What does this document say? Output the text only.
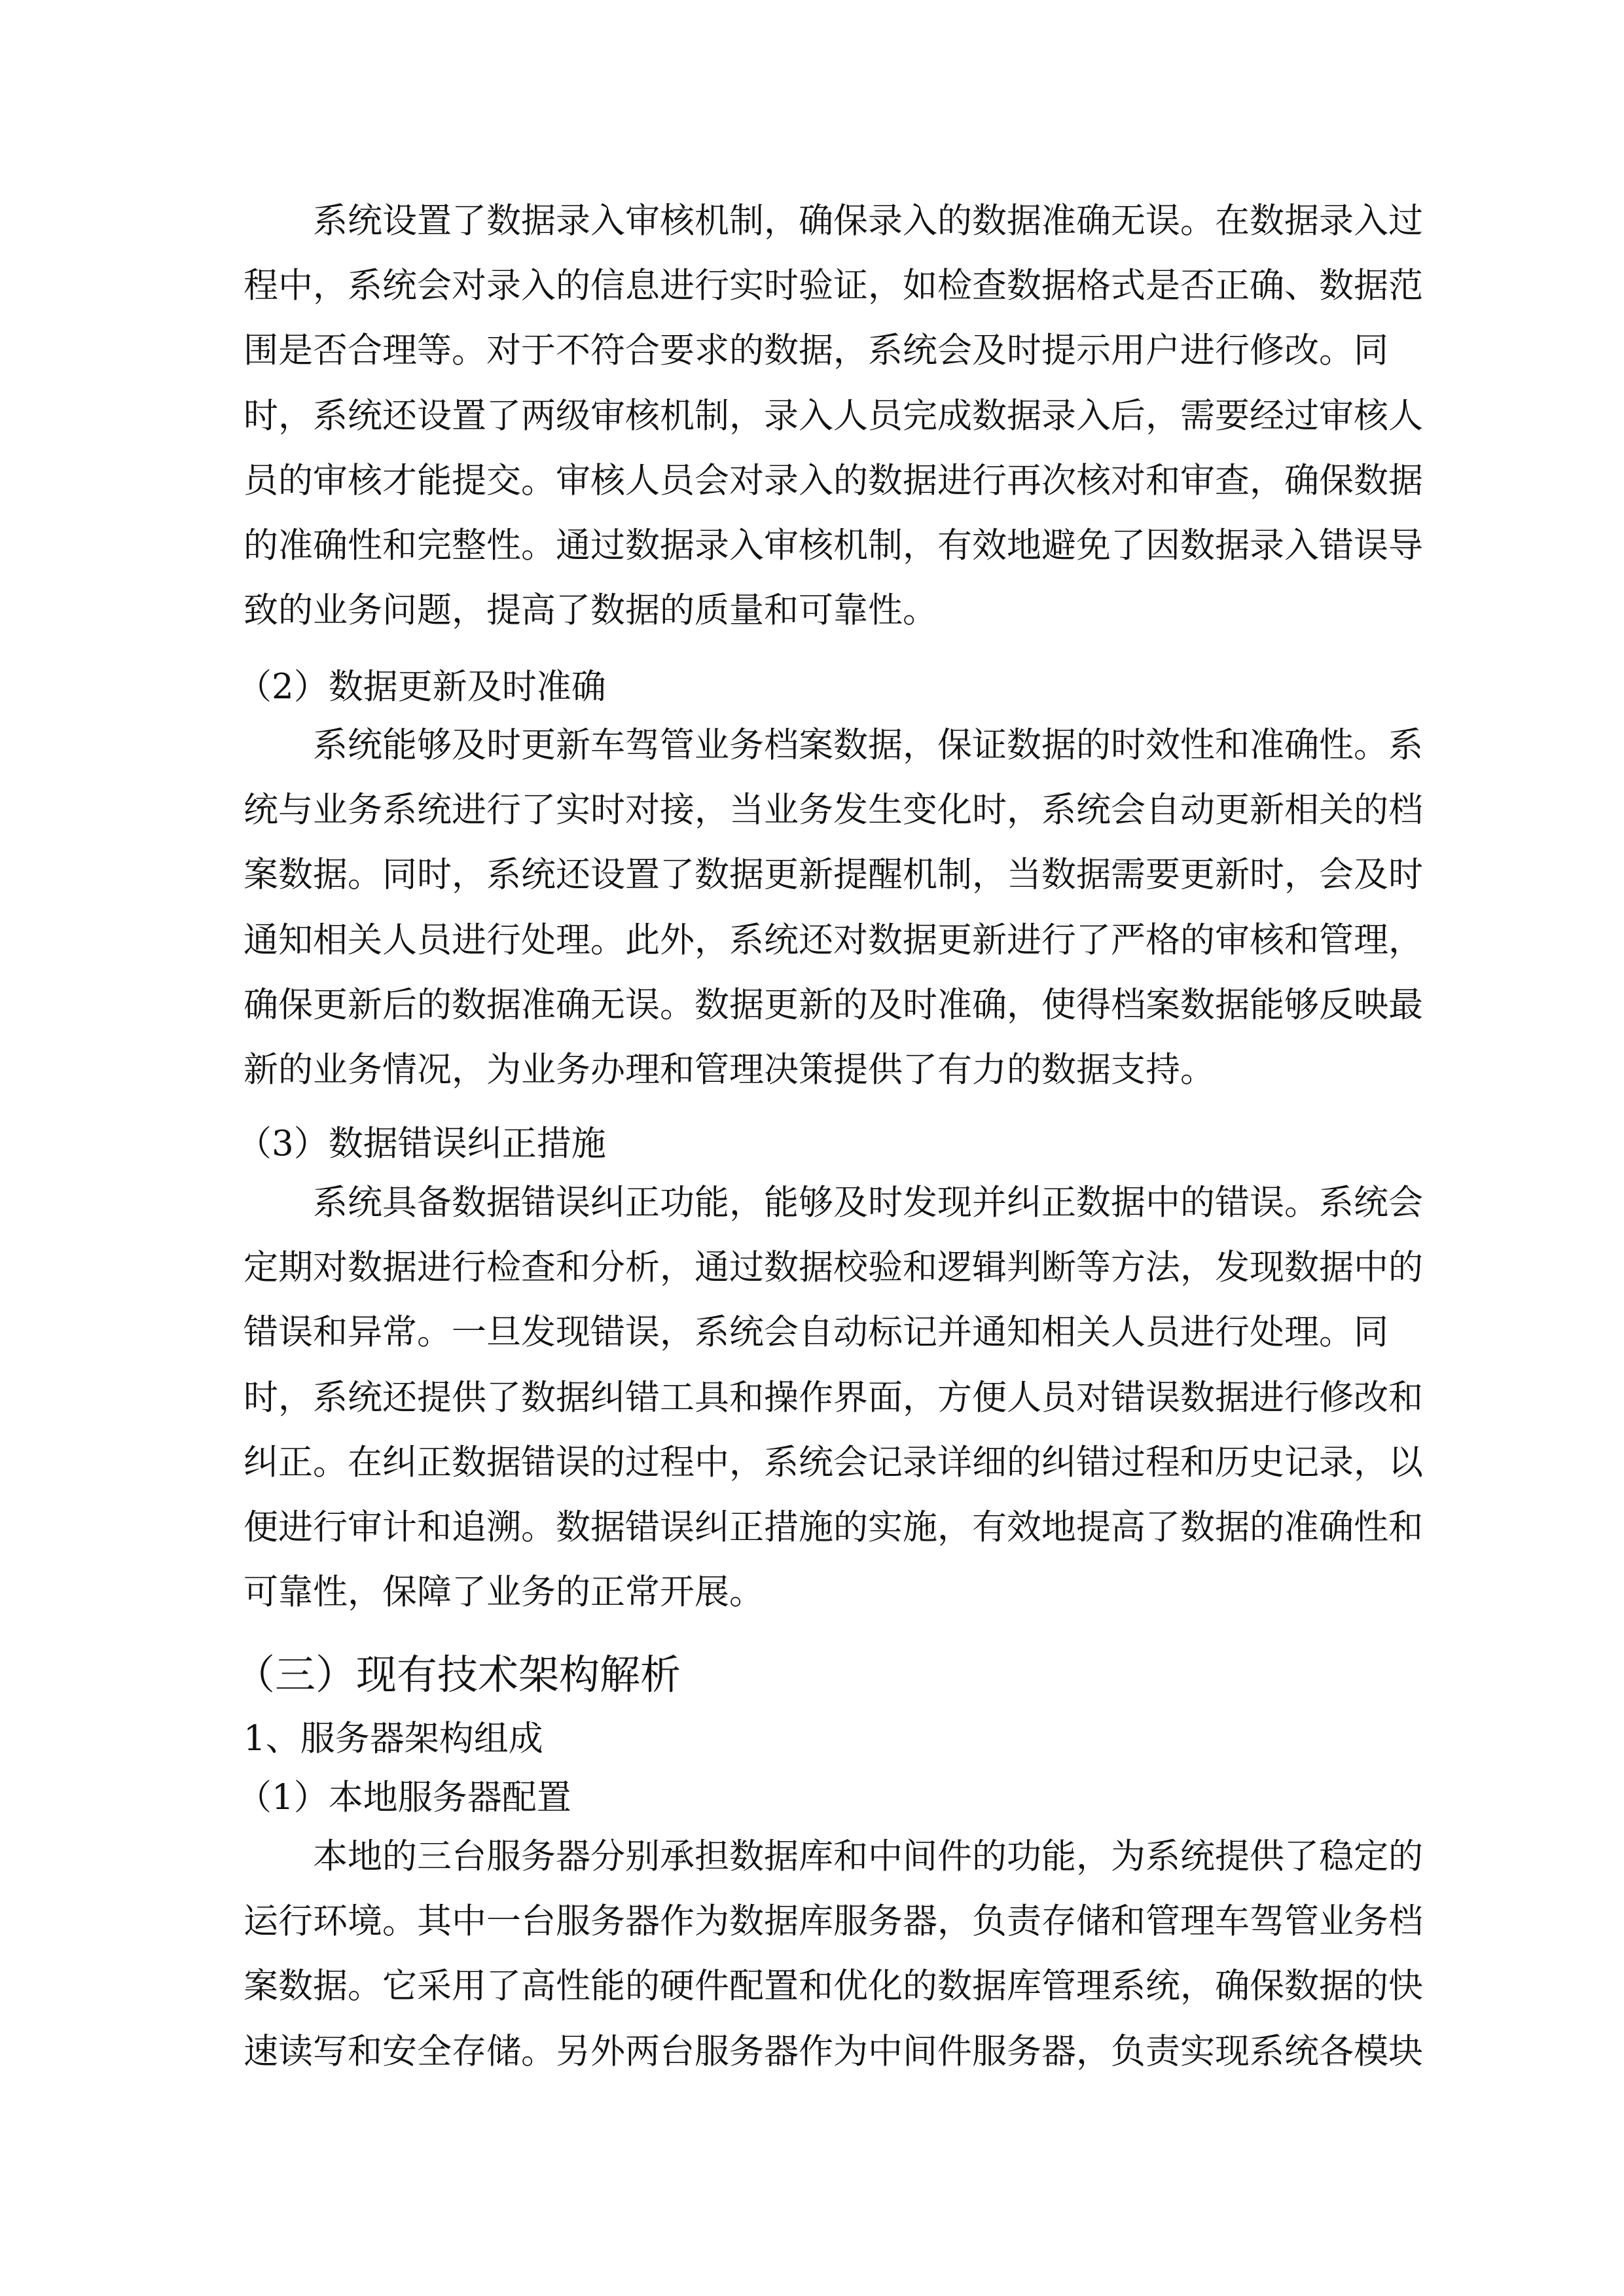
系统设置了数据录入审核机制，确保录入的数据准确无误。在数据录入过
程中，系统会对录入的信息进行实时验证，如检查数据格式是否正确、数据范
围是否合理等。对于不符合要求的数据，系统会及时提示用户进行修改。同
时，系统还设置了两级审核机制，录入人员完成数据录入后，需要经过审核人
员的审核才能提交。审核人员会对录入的数据进行再次核对和审查，确保数据
的准确性和完整性。通过数据录入审核机制，有效地避免了因数据录入错误导
致的业务问题，提高了数据的质量和可靠性。
（2）数据更新及时准确
系统能够及时更新车驾管业务档案数据，保证数据的时效性和准确性。系
统与业务系统进行了实时对接，当业务发生变化时，系统会自动更新相关的档
案数据。同时，系统还设置了数据更新提醒机制，当数据需要更新时，会及时
通知相关人员进行处理。此外，系统还对数据更新进行了严格的审核和管理，
确保更新后的数据准确无误。数据更新的及时准确，使得档案数据能够反映最
新的业务情况，为业务办理和管理决策提供了有力的数据支持。
（3）数据错误纠正措施
系统具备数据错误纠正功能，能够及时发现并纠正数据中的错误。系统会
定期对数据进行检查和分析，通过数据校验和逻辑判断等方法，发现数据中的
错误和异常。一旦发现错误，系统会自动标记并通知相关人员进行处理。同
时，系统还提供了数据纠错工具和操作界面，方便人员对错误数据进行修改和
纠正。在纠正数据错误的过程中，系统会记录详细的纠错过程和历史记录，以
便进行审计和追溯。数据错误纠正措施的实施，有效地提高了数据的准确性和
可靠性，保障了业务的正常开展。
（三）现有技术架构解析
1、服务器架构组成
（1）本地服务器配置
本地的三台服务器分别承担数据库和中间件的功能，为系统提供了稳定的
运行环境。其中一台服务器作为数据库服务器，负责存储和管理车驾管业务档
案数据。它采用了高性能的硬件配置和优化的数据库管理系统，确保数据的快
速读写和安全存储。另外两台服务器作为中间件服务器，负责实现系统各模块
